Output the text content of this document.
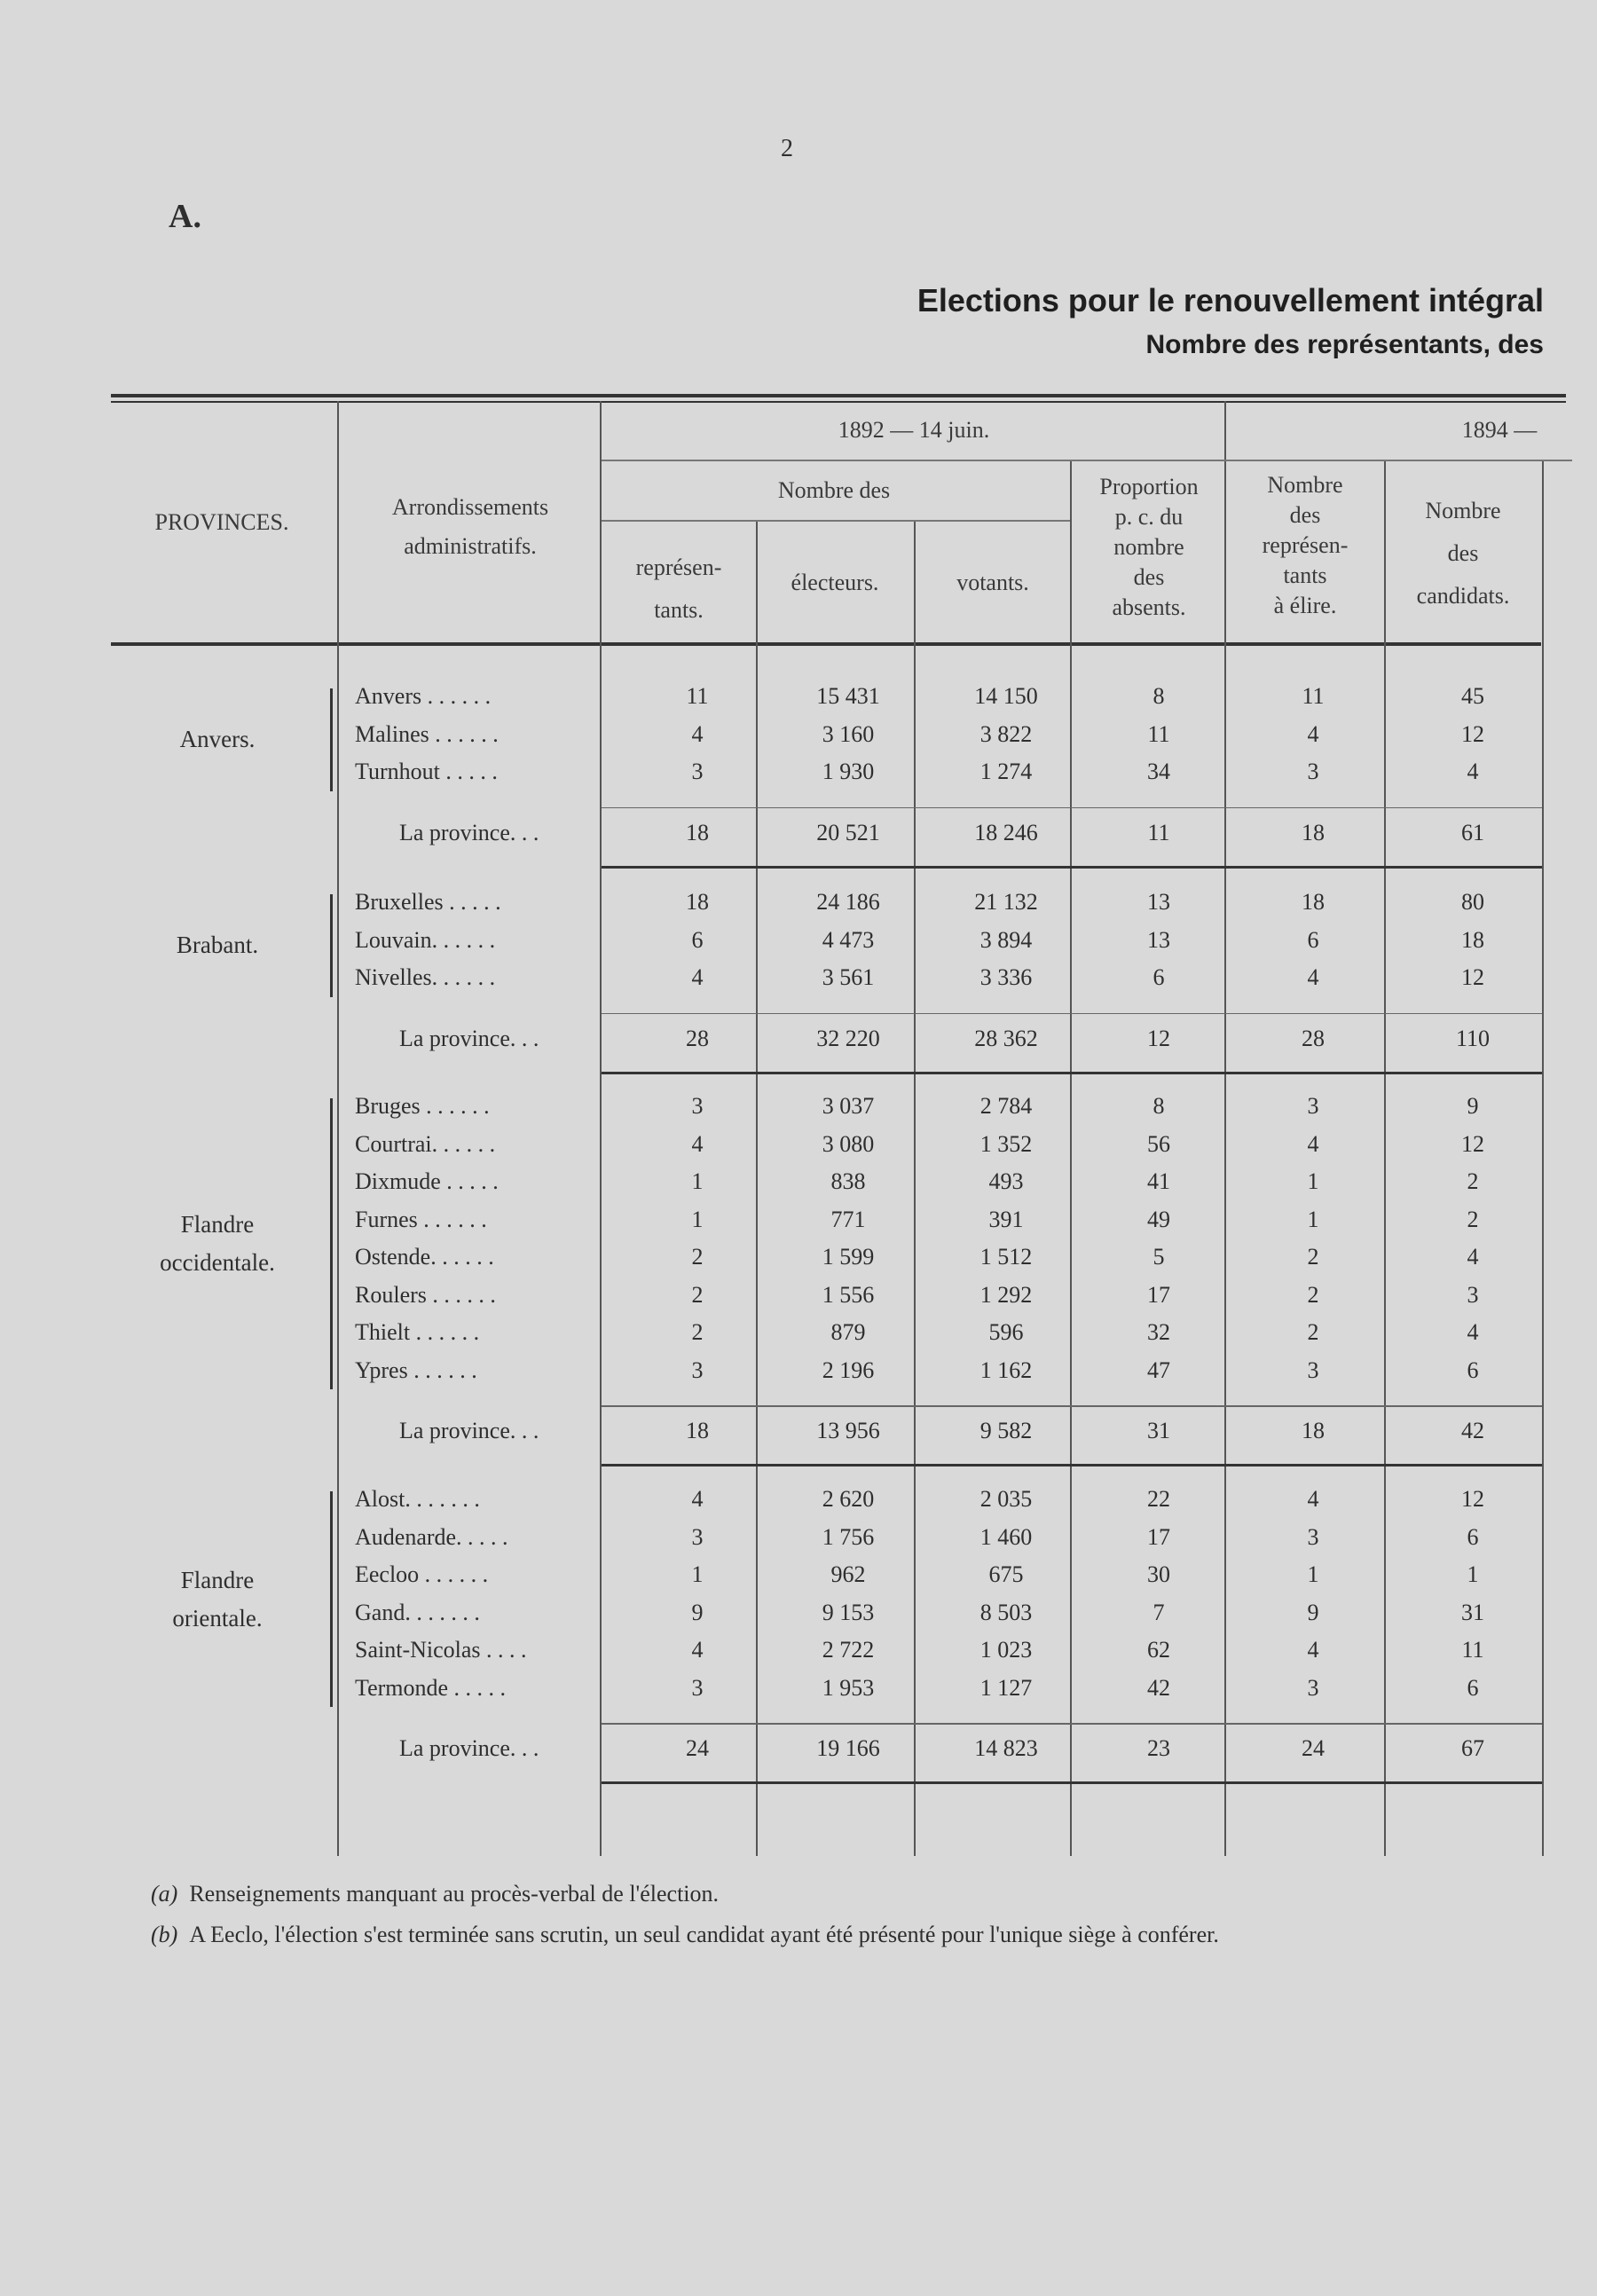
2
A.
Elections pour le renouvellement intégral
Nombre des représentants, des
PROVINCES.
Arrondissements
administratifs.
1892 — 14 juin.	1894 —
Nombre des
représen-
tants.
électeurs.	votants.
Proportion
p. c. du
nombre
des
absents.
Nombre
des
représen-
tants
à élire.
Nombre
des
candidats.
Anvers.
Anvers . . . . . .	11	15 431	14 150	8	11	45
Malines . . . . . .	4	3 160	3 822	11	4	12
Turnhout . . . . .	3	1 930	1 274	34	3	4
La province. . .	18	20 521	18 246	11	18	61
Brabant.
Bruxelles . . . . .	18	24 186	21 132	13	18	80
Louvain. . . . . .	6	4 473	3 894	13	6	18
Nivelles. . . . . .	4	3 561	3 336	6	4	12
La province. . .	28	32 220	28 362	12	28	110
Flandre
occidentale.
Bruges . . . . . .	3	3 037	2 784	8	3	9
Courtrai. . . . . .	4	3 080	1 352	56	4	12
Dixmude . . . . .	1	838	493	41	1	2
Furnes . . . . . .	1	771	391	49	1	2
Ostende. . . . . .	2	1 599	1 512	5	2	4
Roulers . . . . . .	2	1 556	1 292	17	2	3
Thielt . . . . . .	2	879	596	32	2	4
Ypres . . . . . .	3	2 196	1 162	47	3	6
La province. . .	18	13 956	9 582	31	18	42
Flandre
orientale.
Alost. . . . . . .	4	2 620	2 035	22	4	12
Audenarde. . . . .	3	1 756	1 460	17	3	6
Eecloo . . . . . .	1	962	675	30	1	1
Gand. . . . . . .	9	9 153	8 503	7	9	31
Saint-Nicolas . . . .	4	2 722	1 023	62	4	11
Termonde . . . . .	3	1 953	1 127	42	3	6
La province. . .	24	19 166	14 823	23	24	67
(a) Renseignements manquant au procès-verbal de l'élection.
(b) A Eeclo, l'élection s'est terminée sans scrutin, un seul candidat ayant été présenté pour l'unique siège à conférer.
